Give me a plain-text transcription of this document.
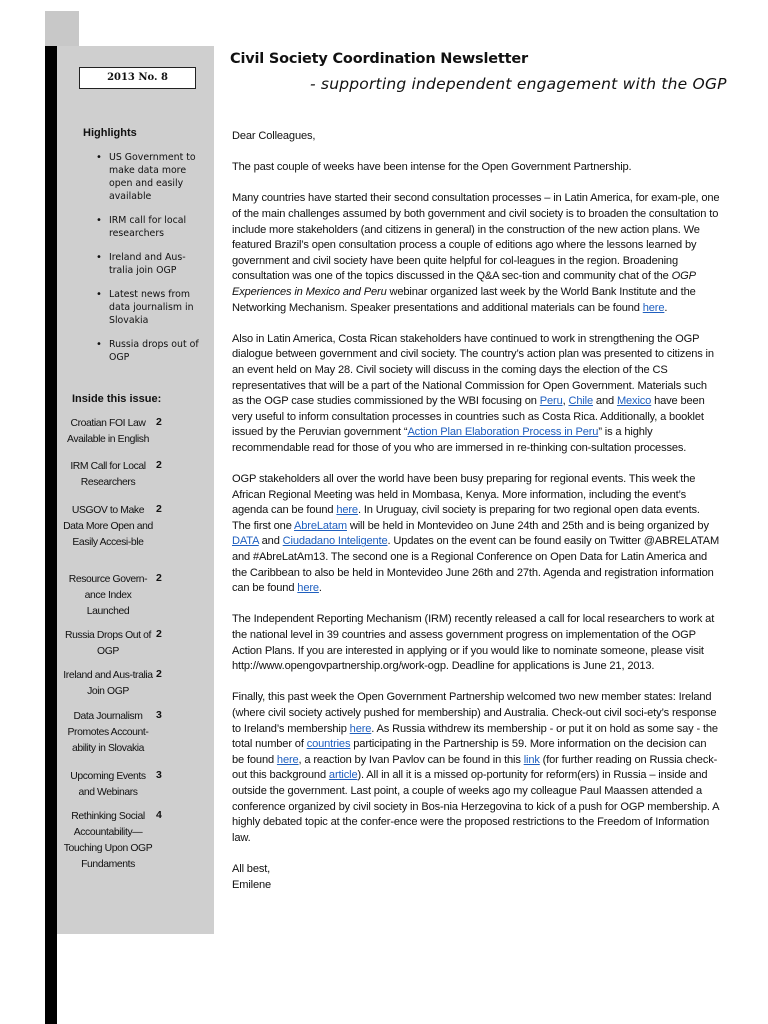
2013 No. 8
Highlights
• US Government to make data more open and easily available
• IRM call for local researchers
• Ireland and Aus-tralia join OGP
• Latest news from data journalism in Slovakia
• Russia drops out of OGP
Inside this issue:
Croatian FOI Law Available in English
2
IRM Call for Local Researchers
2
USGOV to Make Data More Open and Easily Accesi-ble
2
Resource Govern-ance Index Launched
2
Russia Drops Out of OGP
2
Ireland and Aus-tralia Join OGP
2
Data Journalism Promotes Account-ability in Slovakia
3
Upcoming Events and Webinars
3
Rethinking Social Accountability—Touching Upon OGP Fundaments
4
Civil Society Coordination Newsletter
- supporting independent engagement with the OGP

Dear Colleagues,

The past couple of weeks have been intense for the Open Government Partnership.

Many countries have started their second consultation processes – in Latin America, for exam-ple, one of the main challenges assumed by both government and civil society is to broaden the consultation to include more stakeholders (and citizens in general) in the construction of the new action plans. We featured Brazil’s open consultation process a couple of editions ago where the lessons learned by government and civil society have been quite helpful for col-leagues in the region. Broadening consultation was one of the topics discussed in the Q&A sec-tion and community chat of the OGP Experiences in Mexico and Peru webinar organized last week by the World Bank Institute and the Networking Mechanism. Speaker presentations and additional materials can be found here.

Also in Latin America, Costa Rican stakeholders have continued to work in strengthening the OGP dialogue between government and civil society. The country’s action plan was presented to citizens in an event held on May 28. Civil society will discuss in the coming days the election of the CS representatives that will be a part of the National Commission for Open Government. Materials such as the OGP case studies commissioned by the WBI focusing on Peru, Chile and Mexico have been very useful to inform consultation processes in countries such as Costa Rica. Additionally, a booklet issued by the Peruvian government “Action Plan Elaboration Process in Peru” is a highly recommendable read for those of you who are immersed in re-thinking con-sultation processes.

OGP stakeholders all over the world have been busy preparing for regional events. This week the African Regional Meeting was held in Mombasa, Kenya. More information, including the event’s agenda can be found here. In Uruguay, civil society is preparing for two regional open data events. The first one AbreLatam will be held in Montevideo on June 24th and 25th and is being organized by DATA and Ciudadano Inteligente. Updates on the event can be found easily on Twitter @ABRELATAM and #AbreLatAm13. The second one is a Regional Conference on Open Data for Latin America and the Caribbean to also be held in Montevideo June 26th and 27th. Agenda and registration information can be found here.

The Independent Reporting Mechanism (IRM) recently released a call for local researchers to work at the national level in 39 countries and assess government progress on implementation of the OGP Action Plans. If you are interested in applying or if you would like to nominate someone, please visit http://www.opengovpartnership.org/work-ogp. Deadline for applications is June 21, 2013.

Finally, this past week the Open Government Partnership welcomed two new member states: Ireland (where civil society actively pushed for membership) and Australia. Check-out civil soci-ety’s response to Ireland’s membership here. As Russia withdrew its membership - or put it on hold as some say - the total number of countries participating in the Partnership is 59. More information on the decision can be found here, a reaction by Ivan Pavlov can be found in this link (for further reading on Russia check-out this background article). All in all it is a missed op-portunity for reform(ers) in Russia – inside and outside the government. Last point, a couple of weeks ago my colleague Paul Maassen attended a conference organized by civil society in Bos-nia Herzegovina to kick of a push for OGP membership. A highly debated topic at the confer-ence were the proposed restrictions to the Freedom of Information law.

All best,

Emilene
